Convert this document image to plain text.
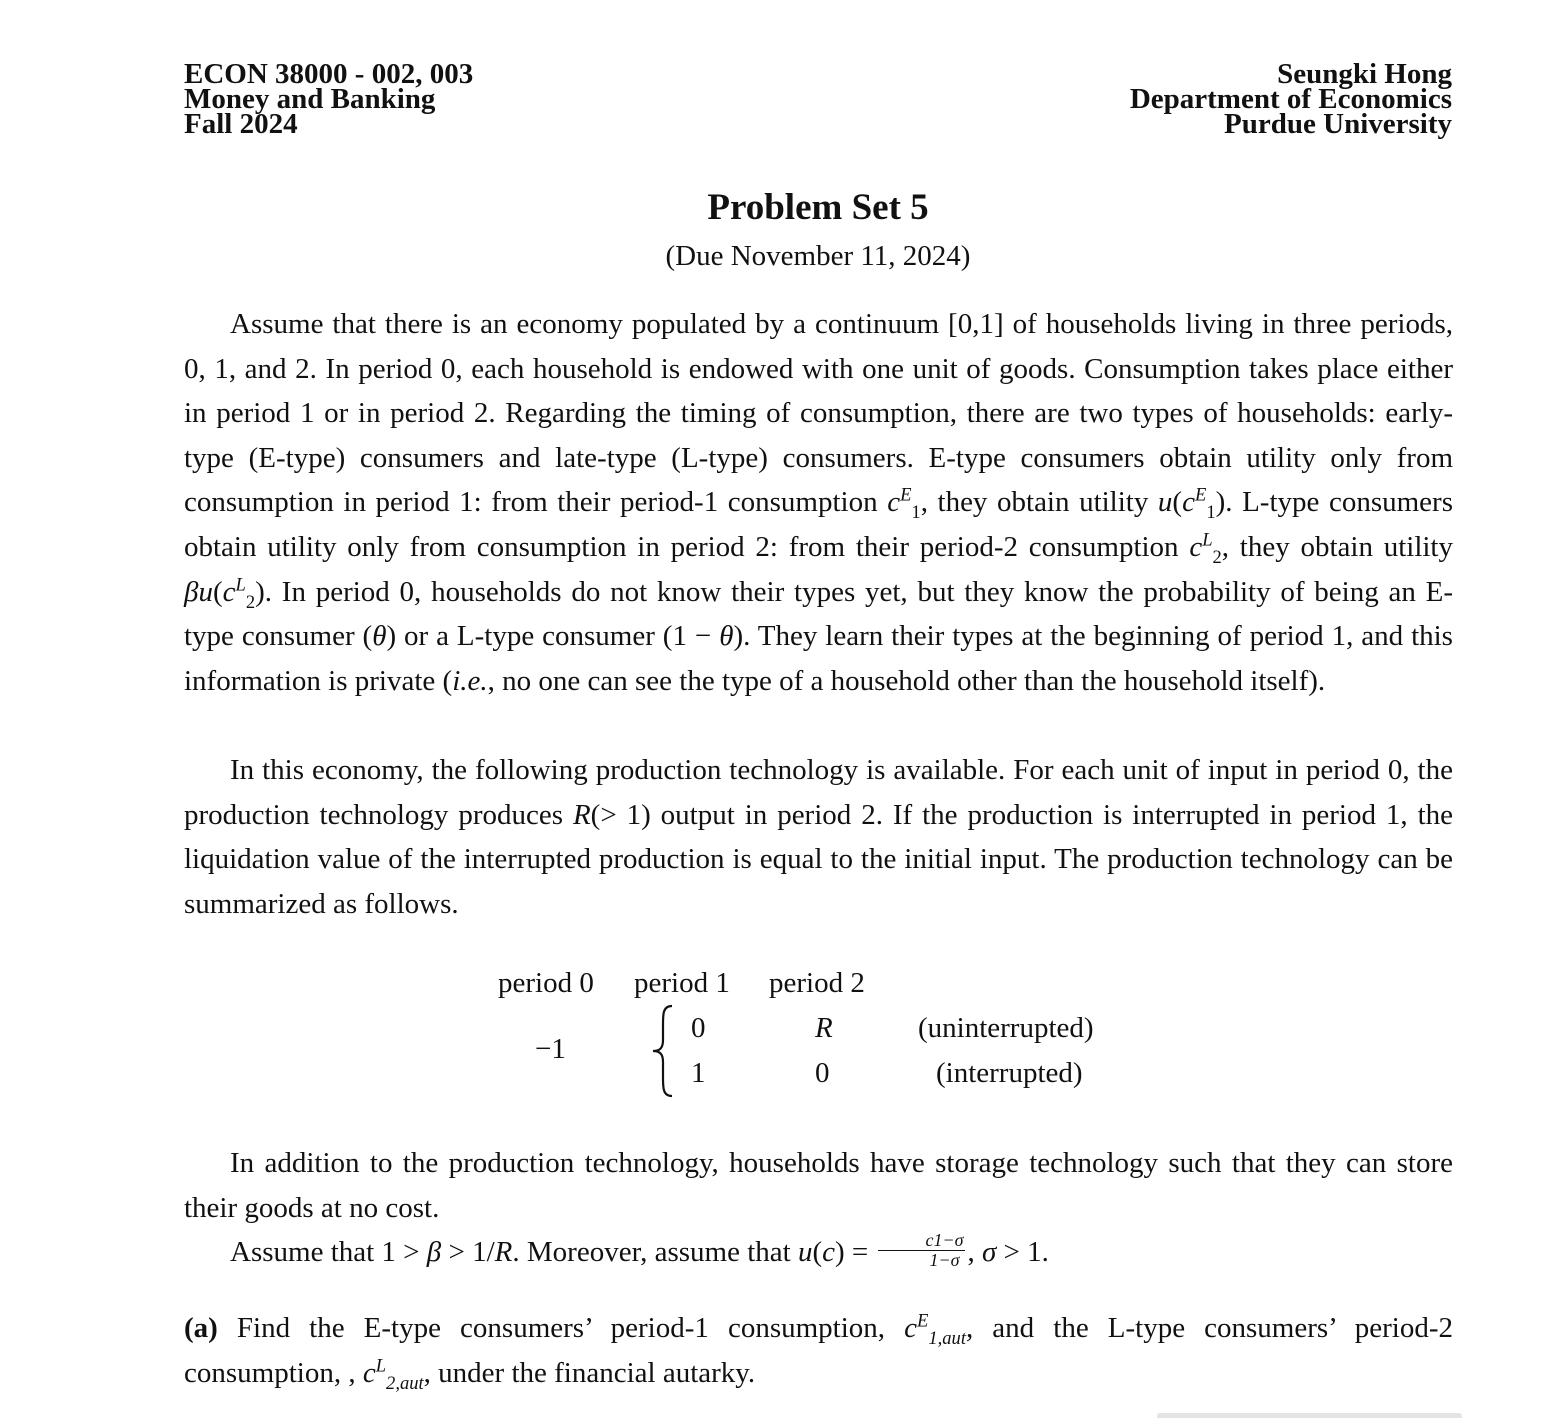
ECON 38000 - 002, 003
Money and Banking
Fall 2024
Seungki Hong
Department of Economics
Purdue University
Problem Set 5
(Due November 11, 2024)

Assume that there is an economy populated by a continuum [0,1] of households living in three periods, 0, 1, and 2. In period 0, each household is endowed with one unit of goods. Consumption takes place either in period 1 or in period 2. Regarding the timing of consumption, there are two types of households: early-type (E-type) consumers and late-type (L-type) consumers. E-type consumers obtain utility only from consumption in period 1: from their period-1 consumption $c^E_1$, they obtain utility $u(c^E_1)$. L-type consumers obtain utility only from consumption in period 2: from their period-2 consumption $c^L_2$, they obtain utility $\beta u(c^L_2)$. In period 0, households do not know their types yet, but they know the probability of being an E-type consumer (θ) or a L-type consumer (1 − θ). They learn their types at the beginning of period 1, and this information is private (i.e., no one can see the type of a household other than the household itself).

In this economy, the following production technology is available. For each unit of input in period 0, the production technology produces R(> 1) output in period 2. If the production is interrupted in period 1, the liquidation value of the interrupted production is equal to the initial input. The production technology can be summarized as follows.

period 0 period 1 period 2
−1
0	R	(uninterrupted)
1	0	(interrupted)

In addition to the production technology, households have storage technology such that they can store their goods at no cost.

Assume that 1 > β > 1/R. Moreover, assume that $u(c) = \frac{c1-\sigma}{1-\sigma}$ , σ > 1.

(a) Find the E-type consumers’ period-1 consumption, $c^E_{1,aut}$, and the L-type consumers’ period-2 consumption, , $c^L_{2,aut}$, under the financial autarky.
